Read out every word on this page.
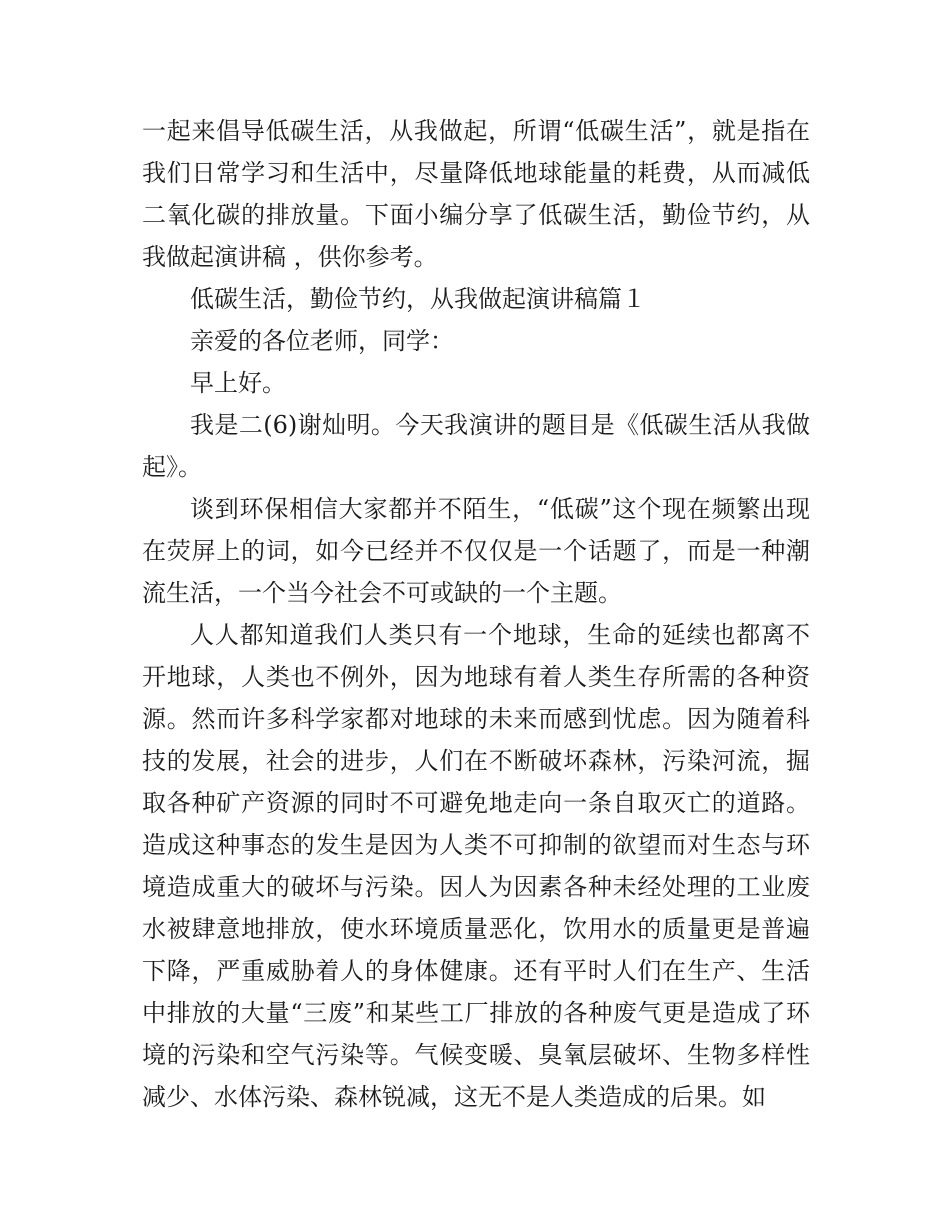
一起来倡导低碳生活，从我做起，所谓“低碳生活”，就是指在我们日常学习和生活中，尽量降低地球能量的耗费，从而减低二氧化碳的排放量。下面小编分享了低碳生活，勤俭节约，从我做起演讲稿 ，供你参考。

低碳生活，勤俭节约，从我做起演讲稿篇１

亲爱的各位老师，同学：

早上好。

我是二(6)谢灿明。今天我演讲的题目是《低碳生活从我做起》。

谈到环保相信大家都并不陌生，“低碳”这个现在频繁出现在荧屏上的词，如今已经并不仅仅是一个话题了，而是一种潮流生活，一个当今社会不可或缺的一个主题。

人人都知道我们人类只有一个地球，生命的延续也都离不开地球，人类也不例外，因为地球有着人类生存所需的各种资源。然而许多科学家都对地球的未来而感到忧虑。因为随着科技的发展，社会的进步，人们在不断破坏森林，污染河流，掘取各种矿产资源的同时不可避免地走向一条自取灭亡的道路。造成这种事态的发生是因为人类不可抑制的欲望而对生态与环境造成重大的破坏与污染。因人为因素各种未经处理的工业废水被肆意地排放，使水环境质量恶化，饮用水的质量更是普遍下降，严重威胁着人的身体健康。还有平时人们在生产、生活中排放的大量“三废”和某些工厂排放的各种废气更是造成了环境的污染和空气污染等。气候变暖、臭氧层破坏、生物多样性减少、水体污染、森林锐减，这无不是人类造成的后果。如
